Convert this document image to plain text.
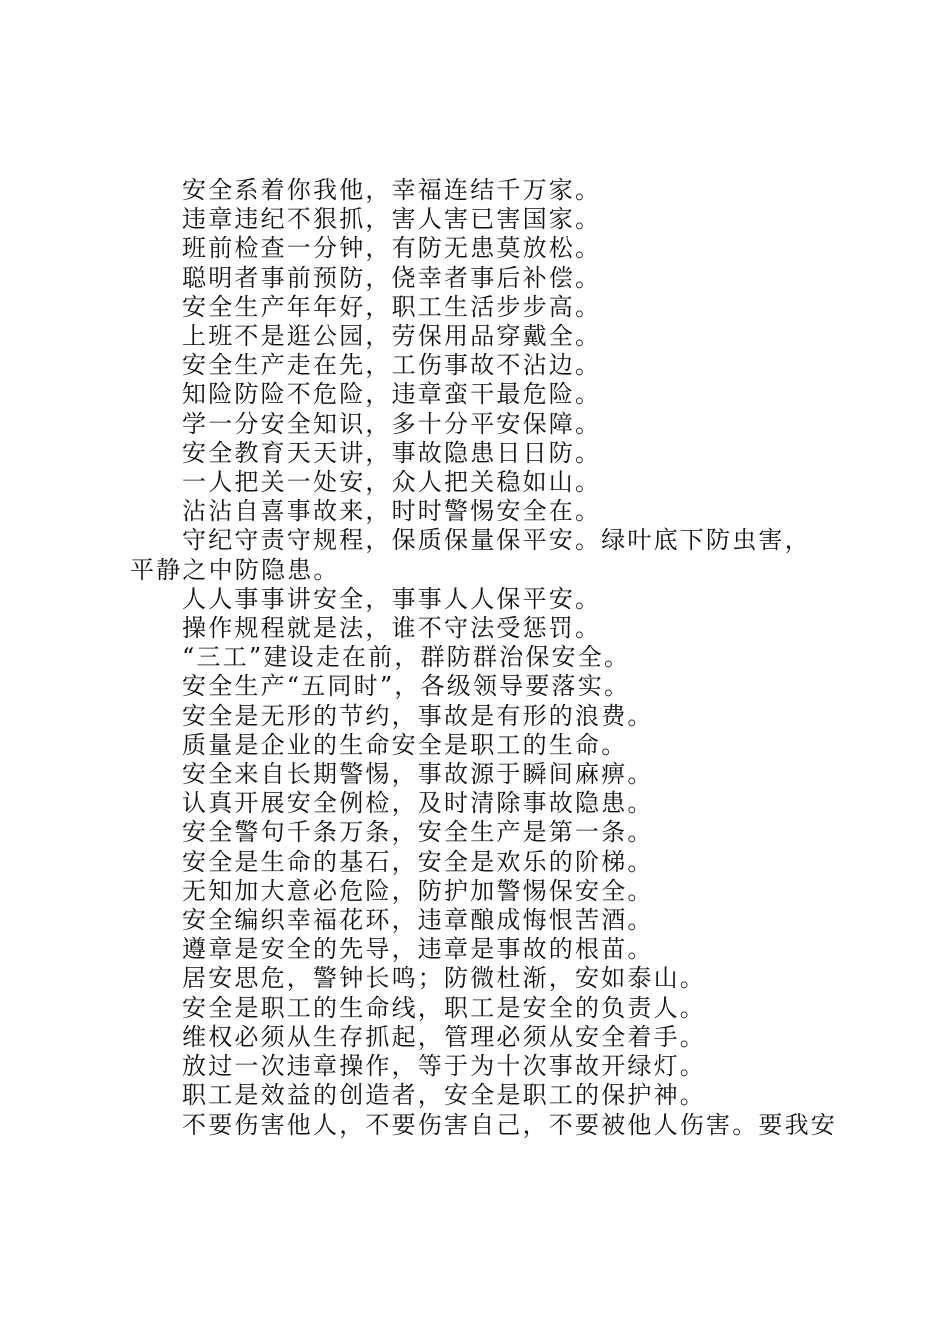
安全系着你我他，幸福连结千万家。

违章违纪不狠抓，害人害已害国家。

班前检查一分钟，有防无患莫放松。

聪明者事前预防，侥幸者事后补偿。

安全生产年年好，职工生活步步高。

上班不是逛公园，劳保用品穿戴全。

安全生产走在先，工伤事故不沾边。

知险防险不危险，违章蛮干最危险。

学一分安全知识，多十分平安保障。

安全教育天天讲，事故隐患日日防。

一人把关一处安，众人把关稳如山。

沾沾自喜事故来，时时警惕安全在。

守纪守责守规程，保质保量保平安。绿叶底下防虫害，平静之中防隐患。

人人事事讲安全，事事人人保平安。

操作规程就是法，谁不守法受惩罚。

“三工”建设走在前，群防群治保安全。

安全生产“五同时”，各级领导要落实。

安全是无形的节约，事故是有形的浪费。

质量是企业的生命安全是职工的生命。

安全来自长期警惕，事故源于瞬间麻痹。

认真开展安全例检，及时清除事故隐患。

安全警句千条万条，安全生产是第一条。

安全是生命的基石，安全是欢乐的阶梯。

无知加大意必危险，防护加警惕保安全。

安全编织幸福花环，违章酿成悔恨苦酒。

遵章是安全的先导，违章是事故的根苗。

居安思危，警钟长鸣；防微杜渐，安如泰山。

安全是职工的生命线，职工是安全的负责人。

维权必须从生存抓起，管理必须从安全着手。

放过一次违章操作，等于为十次事故开绿灯。

职工是效益的创造者，安全是职工的保护神。

不要伤害他人，不要伤害自己，不要被他人伤害。要我安
